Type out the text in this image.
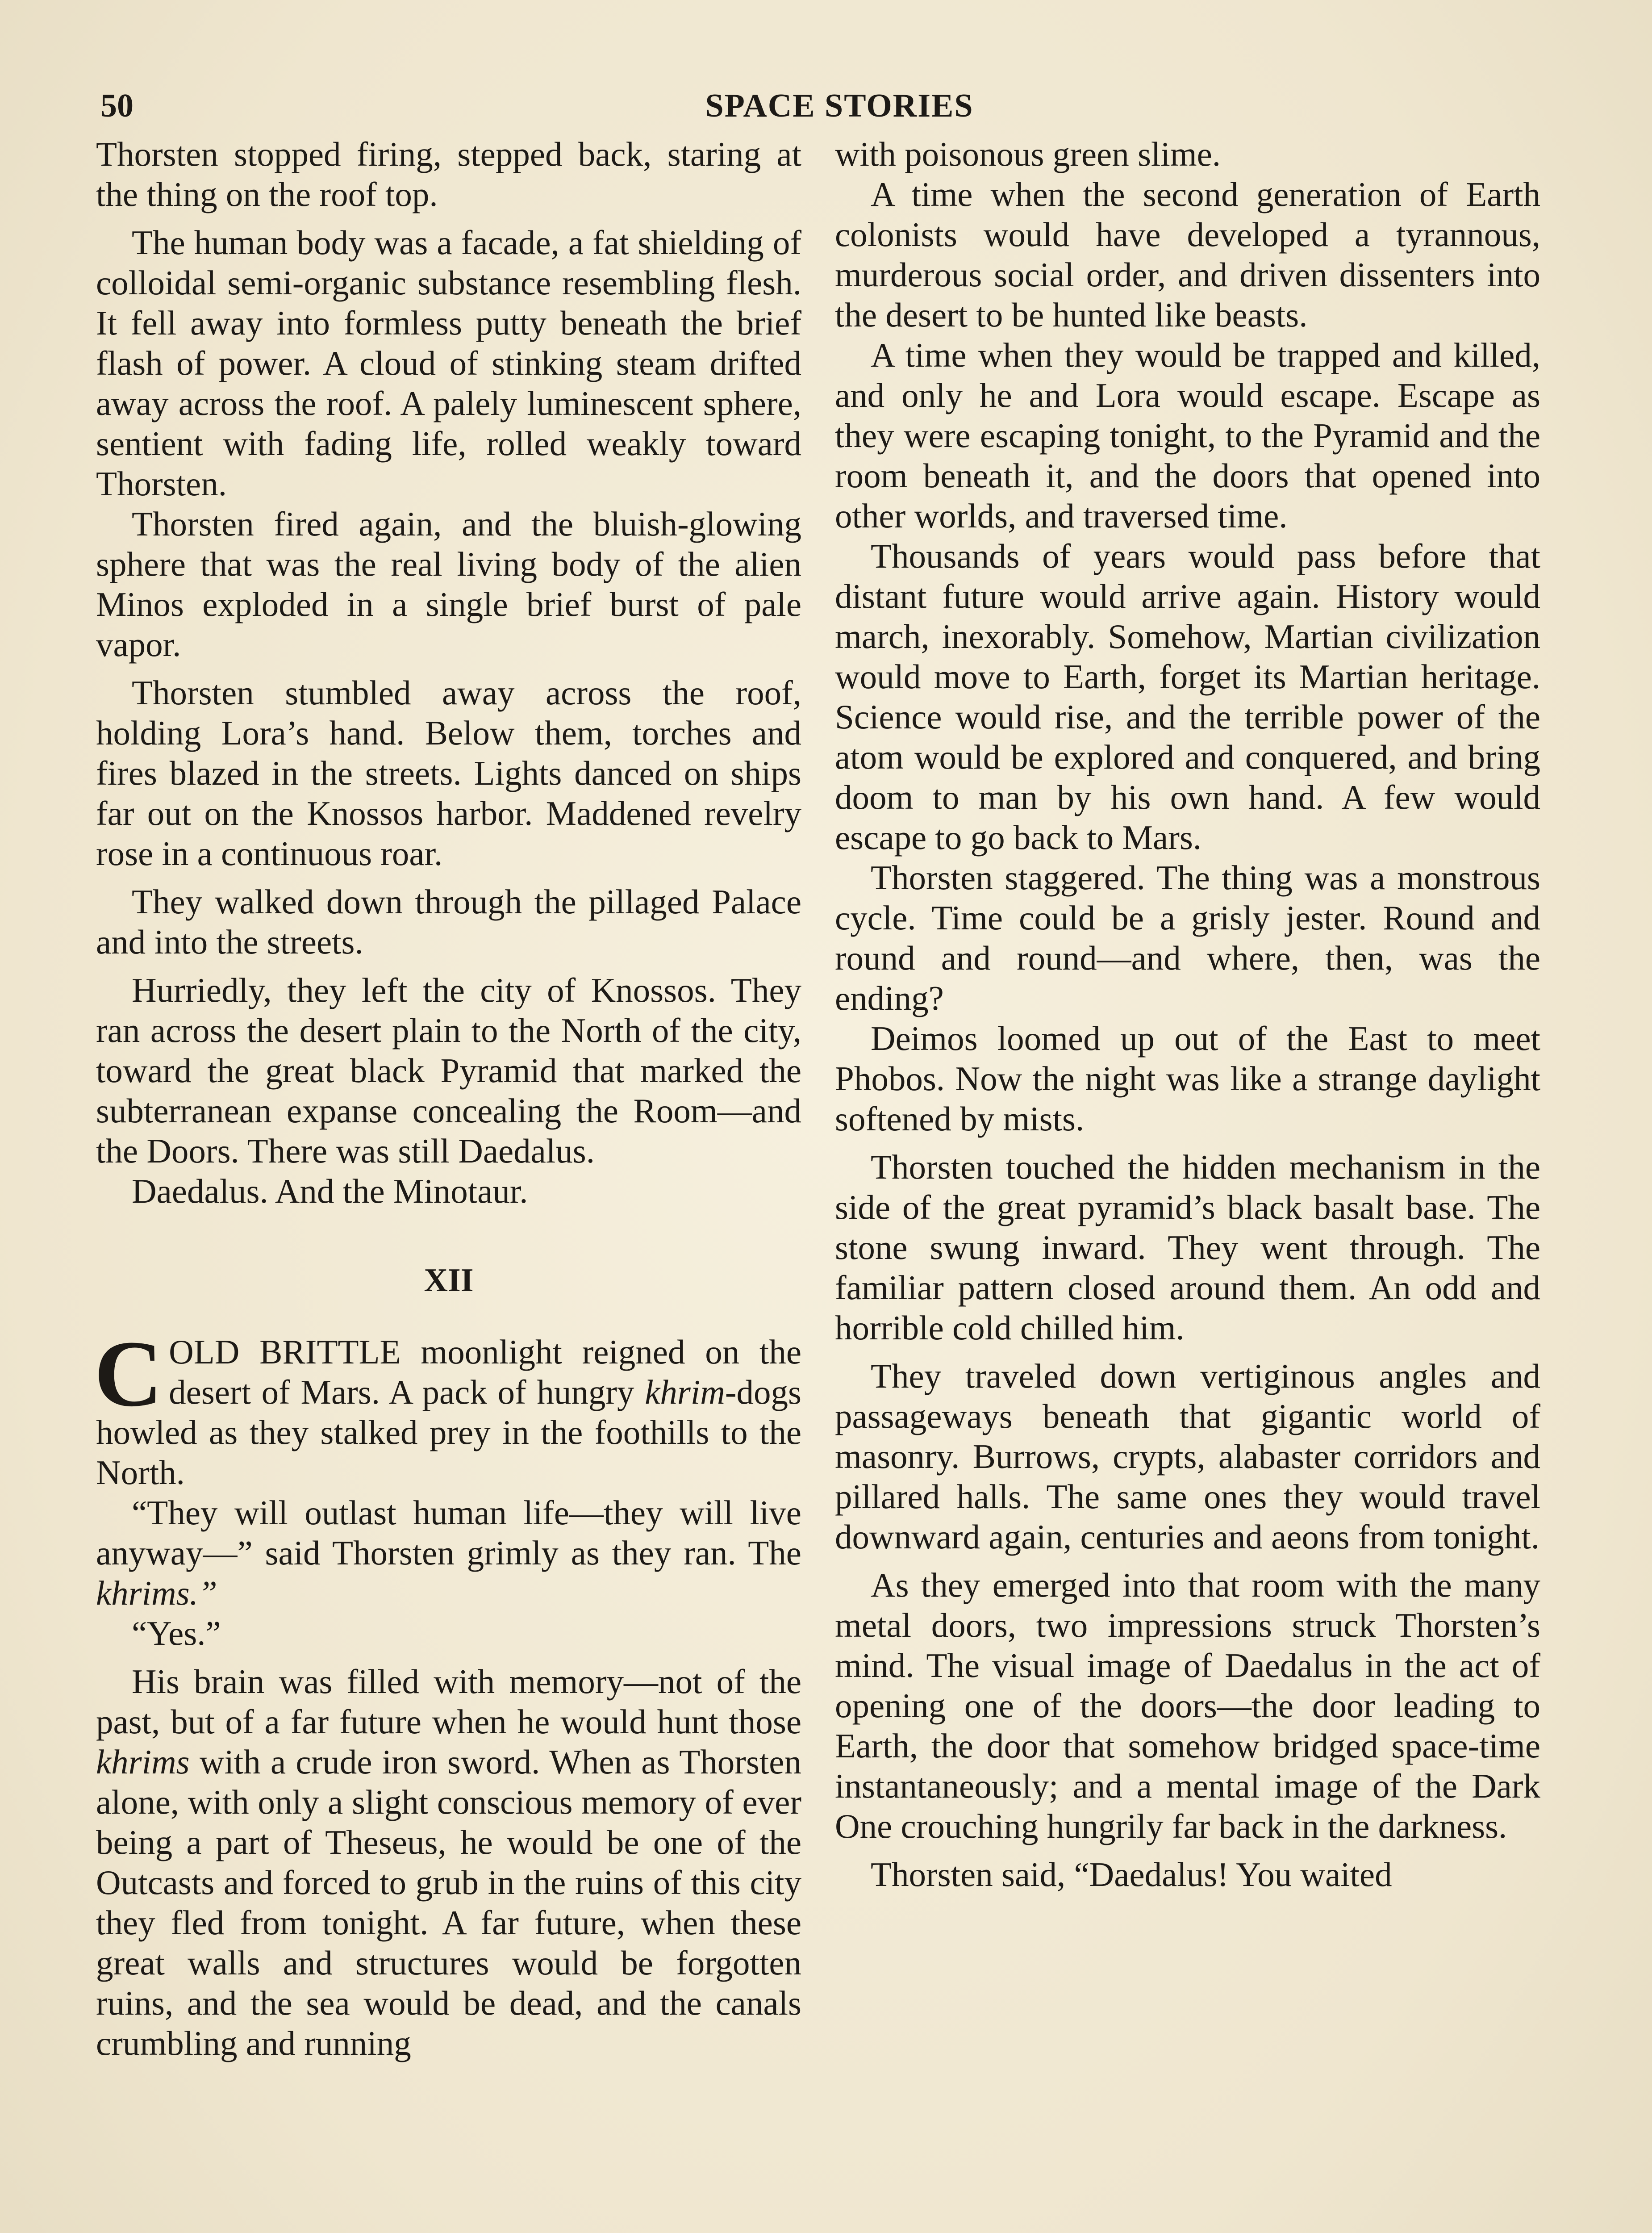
50	SPACE STORIES

Thorsten stopped firing, stepped back, staring at the thing on the roof top.

The human body was a facade, a fat shielding of colloidal semi-organic substance resembling flesh. It fell away into formless putty beneath the brief flash of power. A cloud of stinking steam drifted away across the roof. A palely luminescent sphere, sentient with fading life, rolled weakly toward Thorsten.

Thorsten fired again, and the bluish-glowing sphere that was the real living body of the alien Minos exploded in a single brief burst of pale vapor.

Thorsten stumbled away across the roof, holding Lora’s hand. Below them, torches and fires blazed in the streets. Lights danced on ships far out on the Knossos harbor. Maddened revelry rose in a continuous roar.

They walked down through the pillaged Palace and into the streets.

Hurriedly, they left the city of Knossos. They ran across the desert plain to the North of the city, toward the great black Pyramid that marked the subterranean expanse concealing the Room—and the Doors. There was still Daedalus.

Daedalus. And the Minotaur.

XII

COLD BRITTLE moonlight reigned on the desert of Mars. A pack of hungry khrim-dogs howled as they stalked prey in the foothills to the North.

“They will outlast human life—they will live anyway—” said Thorsten grimly as they ran. The khrims.”

“Yes.”

His brain was filled with memory—not of the past, but of a far future when he would hunt those khrims with a crude iron sword. When as Thorsten alone, with only a slight conscious memory of ever being a part of Theseus, he would be one of the Outcasts and forced to grub in the ruins of this city they fled from tonight. A far future, when these great walls and structures would be forgotten ruins, and the sea would be dead, and the canals crumbling and running

with poisonous green slime.

A time when the second generation of Earth colonists would have developed a tyrannous, murderous social order, and driven dissenters into the desert to be hunted like beasts.

A time when they would be trapped and killed, and only he and Lora would escape. Escape as they were escaping tonight, to the Pyramid and the room beneath it, and the doors that opened into other worlds, and traversed time.

Thousands of years would pass before that distant future would arrive again. History would march, inexorably. Somehow, Martian civilization would move to Earth, forget its Martian heritage. Science would rise, and the terrible power of the atom would be explored and conquered, and bring doom to man by his own hand. A few would escape to go back to Mars.

Thorsten staggered. The thing was a monstrous cycle. Time could be a grisly jester. Round and round and round—and where, then, was the ending?

Deimos loomed up out of the East to meet Phobos. Now the night was like a strange daylight softened by mists.

Thorsten touched the hidden mechanism in the side of the great pyramid’s black basalt base. The stone swung inward. They went through. The familiar pattern closed around them. An odd and horrible cold chilled him.

They traveled down vertiginous angles and passageways beneath that gigantic world of masonry. Burrows, crypts, alabaster corridors and pillared halls. The same ones they would travel downward again, centuries and aeons from tonight.

As they emerged into that room with the many metal doors, two impressions struck Thorsten’s mind. The visual image of Daedalus in the act of opening one of the doors—the door leading to Earth, the door that somehow bridged space-time instantaneously; and a mental image of the Dark One crouching hungrily far back in the darkness.

Thorsten said, “Daedalus! You waited
